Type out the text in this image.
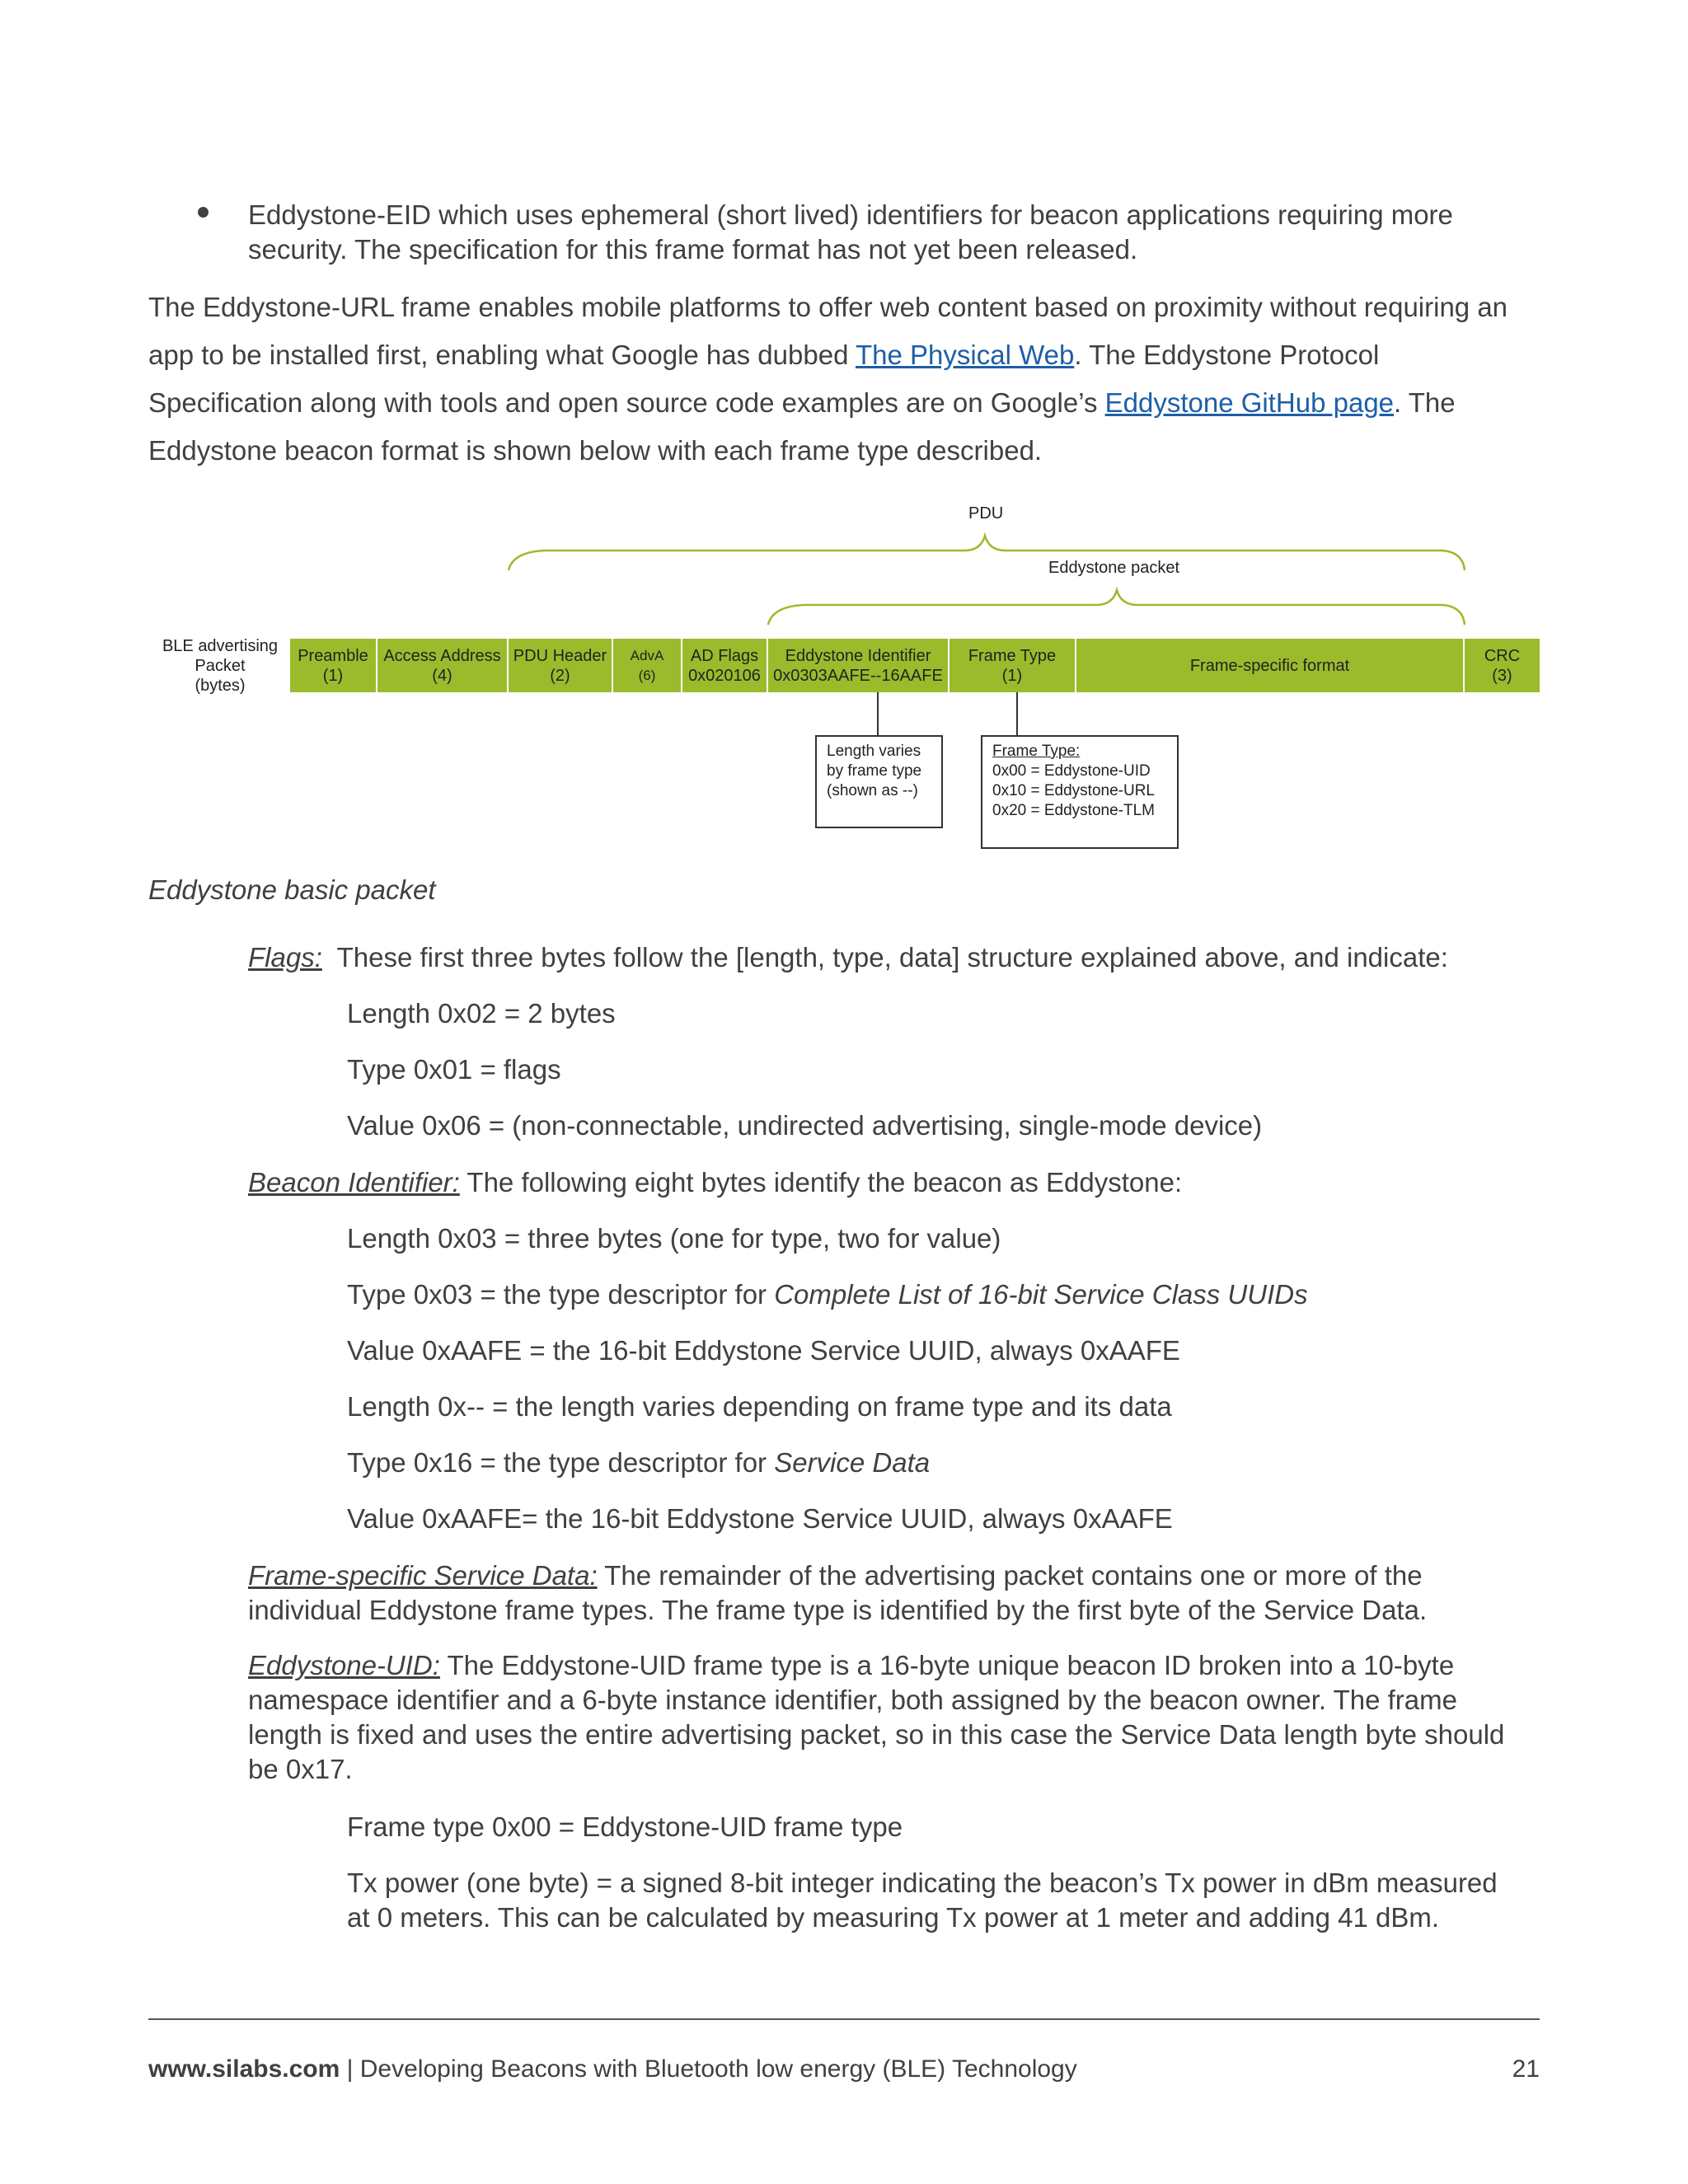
Eddystone-EID which uses ephemeral (short lived) identifiers for beacon applications requiring more
security. The specification for this frame format has not yet been released.

The Eddystone-URL frame enables mobile platforms to offer web content based on proximity without requiring an
app to be installed first, enabling what Google has dubbed The Physical Web. The Eddystone Protocol
Specification along with tools and open source code examples are on Google’s Eddystone GitHub page. The
Eddystone beacon format is shown below with each frame type described.
PDU
Eddystone packet
BLE advertising
Packet
(bytes)
Preamble
(1)
Access Address
(4)
PDU Header
(2)
AdvA
(6)
AD Flags
0x020106
Eddystone Identifier
0x0303AAFE--16AAFE
Frame Type
(1)
Frame-specific format
CRC
(3)
Length varies
by frame type
(shown as --)
Frame Type:
0x00 = Eddystone-UID
0x10 = Eddystone-URL
0x20 = Eddystone-TLM
Eddystone basic packet
Flags:  These first three bytes follow the [length, type, data] structure explained above, and indicate:
Length 0x02 = 2 bytes
Type 0x01 = flags
Value 0x06 = (non-connectable, undirected advertising, single-mode device)
Beacon Identifier: The following eight bytes identify the beacon as Eddystone:
Length 0x03 = three bytes (one for type, two for value)
Type 0x03 = the type descriptor for Complete List of 16-bit Service Class UUIDs
Value 0xAAFE = the 16-bit Eddystone Service UUID, always 0xAAFE
Length 0x-- = the length varies depending on frame type and its data
Type 0x16 = the type descriptor for Service Data
Value 0xAAFE= the 16-bit Eddystone Service UUID, always 0xAAFE
Frame-specific Service Data: The remainder of the advertising packet contains one or more of the
individual Eddystone frame types. The frame type is identified by the first byte of the Service Data.
Eddystone-UID: The Eddystone-UID frame type is a 16-byte unique beacon ID broken into a 10-byte
namespace identifier and a 6-byte instance identifier, both assigned by the beacon owner. The frame
length is fixed and uses the entire advertising packet, so in this case the Service Data length byte should
be 0x17.
Frame type 0x00 = Eddystone-UID frame type
Tx power (one byte) = a signed 8-bit integer indicating the beacon’s Tx power in dBm measured
at 0 meters. This can be calculated by measuring Tx power at 1 meter and adding 41 dBm.
www.silabs.com | Developing Beacons with Bluetooth low energy (BLE) Technology	21
